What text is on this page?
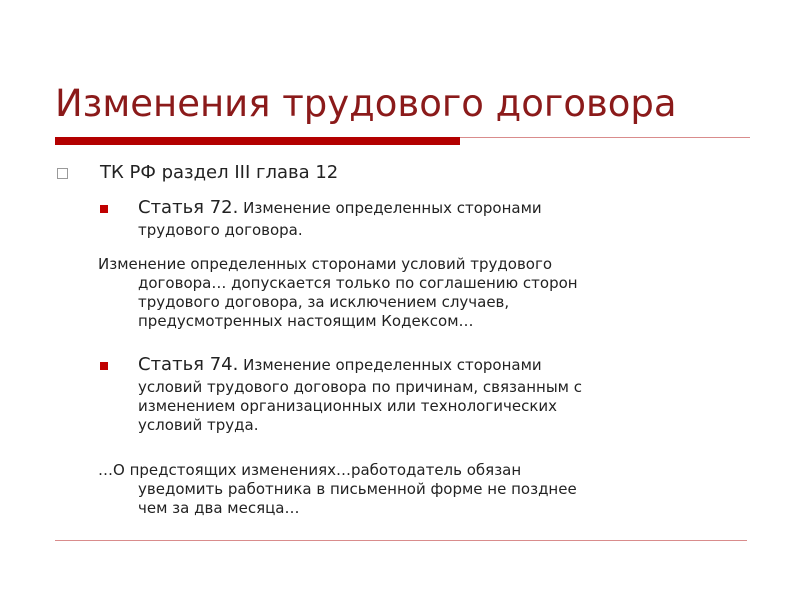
Изменения трудового договора
ТК РФ раздел III глава 12
Статья 72. Изменение определенных сторонами
трудового договора.
Изменение определенных сторонами условий трудового
договора… допускается только по соглашению сторон
трудового договора, за исключением случаев,
предусмотренных настоящим Кодексом…
Статья 74. Изменение определенных сторонами
условий трудового договора по причинам, связанным с
изменением организационных или технологических
условий труда.
…О предстоящих изменениях…работодатель обязан
уведомить работника в письменной форме не позднее
чем за два месяца…
